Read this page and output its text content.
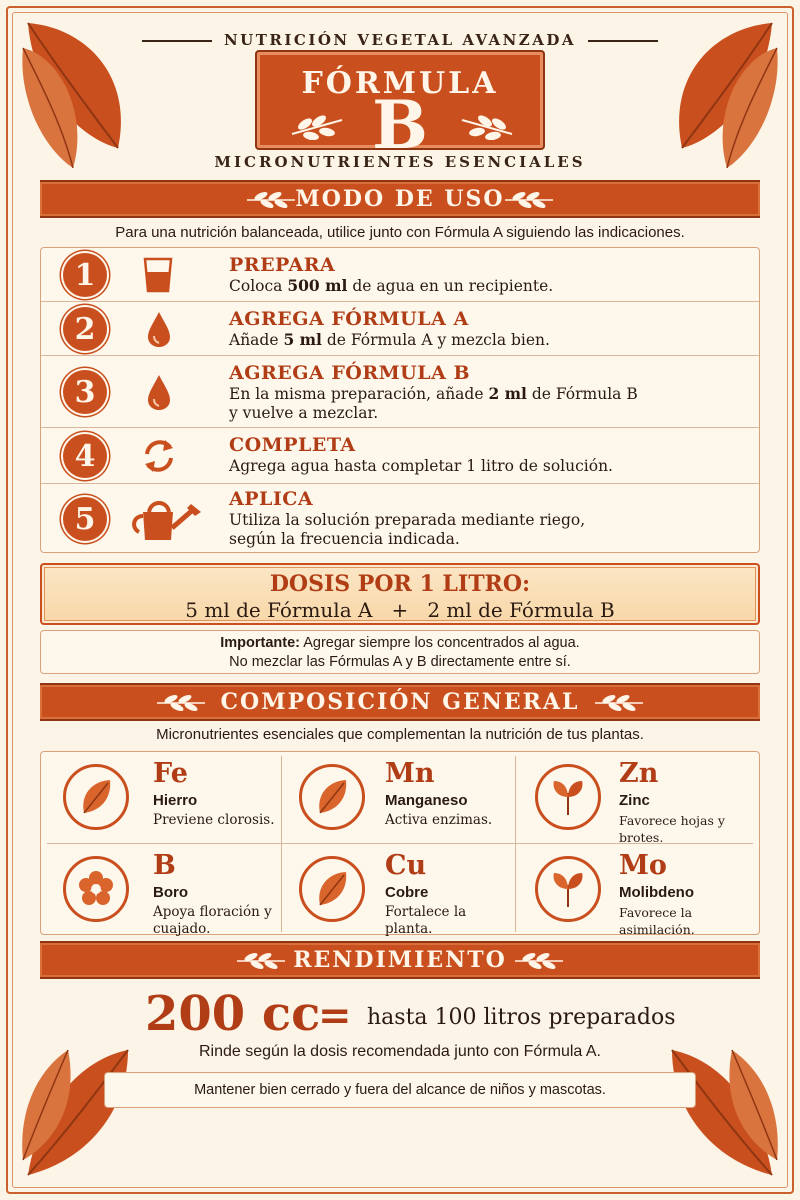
NUTRICIÓN VEGETAL AVANZADA
FÓRMULA
B
MICRONUTRIENTES ESENCIALES
MODO DE USO
Para una nutrición balanceada, utilice junto con Fórmula A siguiendo las indicaciones.
1	PREPARA
Coloca 500 ml de agua en un recipiente.
2	AGREGA FÓRMULA A
Añade 5 ml de Fórmula A y mezcla bien.
3
AGREGA FÓRMULA B
En la misma preparación, añade 2 ml de Fórmula B
y vuelve a mezclar.
4	COMPLETA
Agrega agua hasta completar 1 litro de solución.
5
APLICA
Utiliza la solución preparada mediante riego,
según la frecuencia indicada.
DOSIS POR 1 LITRO:
5 ml de Fórmula A   +   2 ml de Fórmula B
Importante: Agregar siempre los concentrados al agua.
No mezclar las Fórmulas A y B directamente entre sí.
COMPOSICIÓN GENERAL
Micronutrientes esenciales que complementan la nutrición de tus plantas.
Fe
Hierro
Previene clorosis.
Mn
Manganeso
Activa enzimas.
Zn
Zinc
Favorece hojas y brotes.
B
Boro
Apoya floración y cuajado.
Cu
Cobre
Fortalece la planta.
Mo
Molibdeno
Favorece la asimilación.
RENDIMIENTO
200 cc
= hasta 100 litros preparados
Rinde según la dosis recomendada junto con Fórmula A.
Mantener bien cerrado y fuera del alcance de niños y mascotas.
